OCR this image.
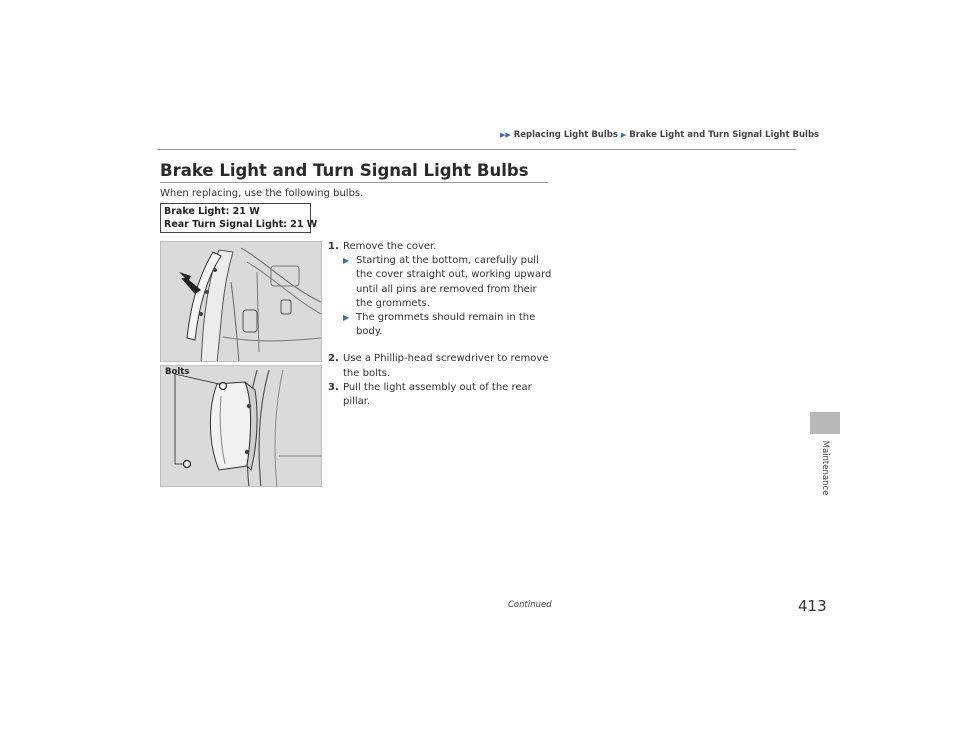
▶▶ Replacing Light Bulbs ▶ Brake Light and Turn Signal Light Bulbs
Brake Light and Turn Signal Light Bulbs
When replacing, use the following bulbs.
Brake Light: 21 W
Rear Turn Signal Light: 21 W
Bolts
1. Remove the cover.
▶ Starting at the bottom, carefully pull the cover straight out, working upward until all pins are removed from their the grommets.
▶ The grommets should remain in the body.
2. Use a Phillip-head screwdriver to remove the bolts.
3. Pull the light assembly out of the rear pillar.
Maintenance
413
Continued
